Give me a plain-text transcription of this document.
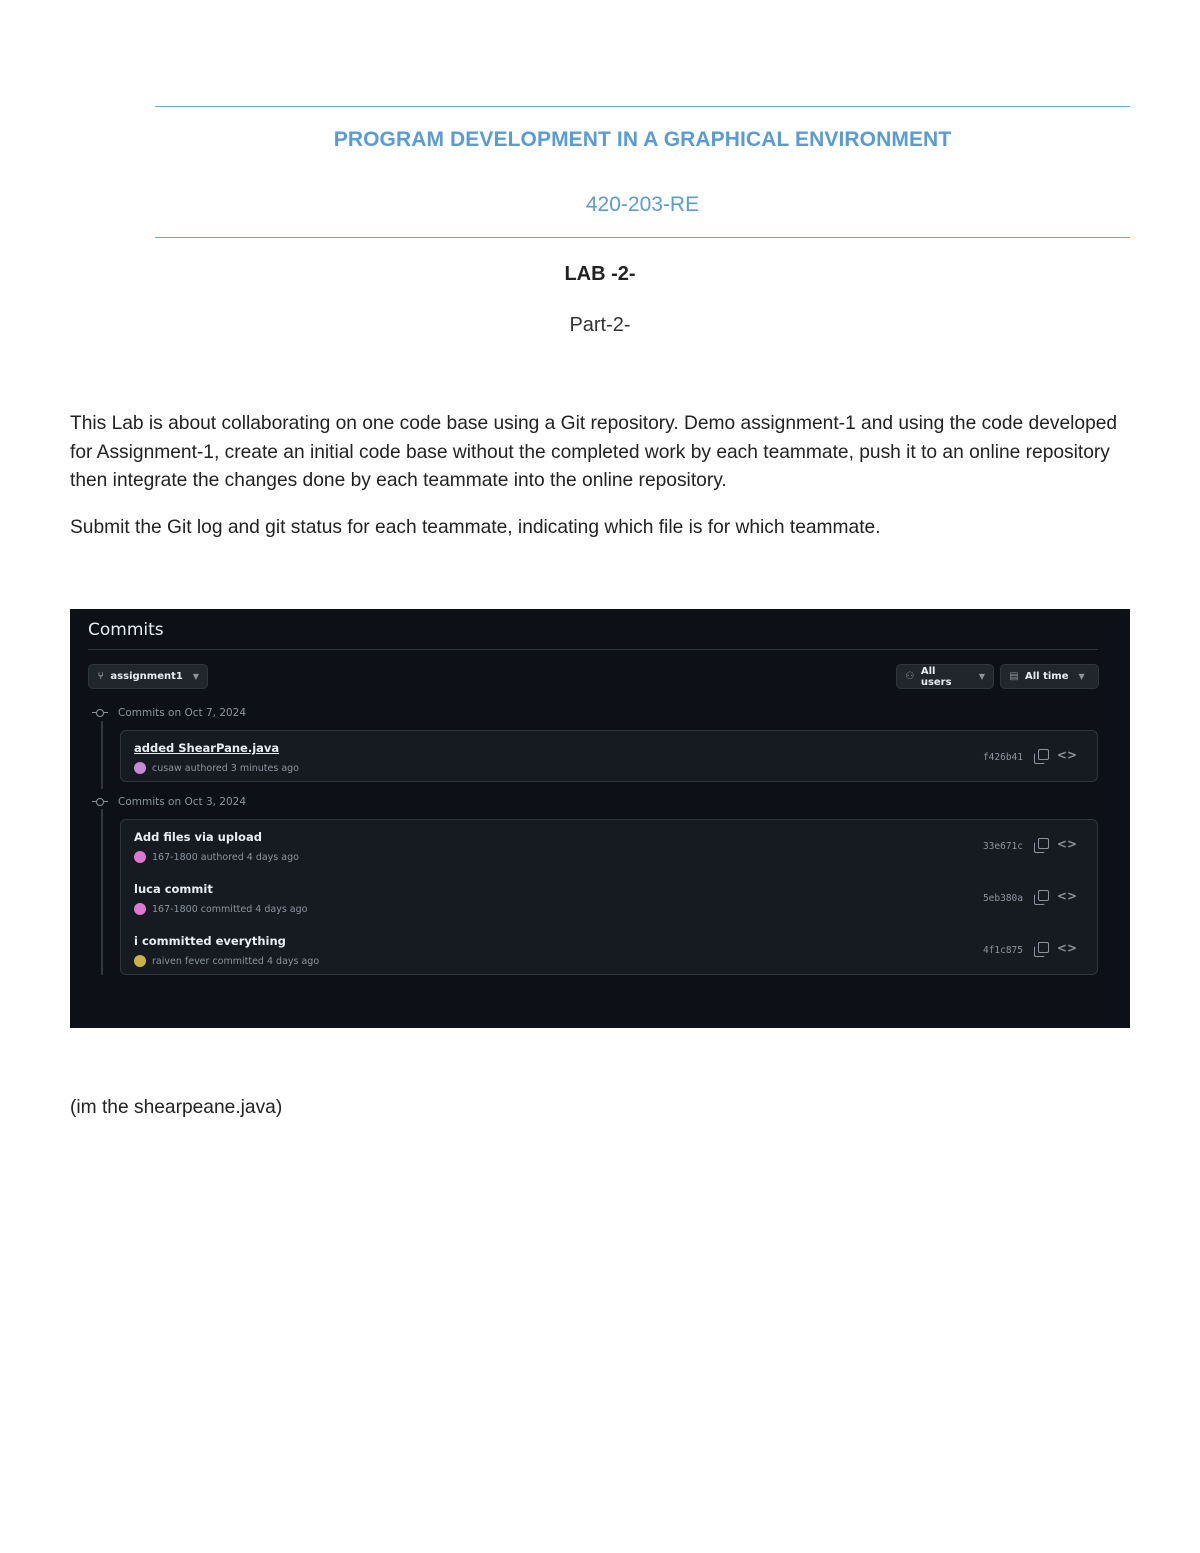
PROGRAM DEVELOPMENT IN A GRAPHICAL ENVIRONMENT
420-203-RE
LAB -2-
Part-2-

This Lab is about collaborating on one code base using a Git repository. Demo assignment-1 and using the code developed for Assignment-1, create an initial code base without the completed work by each teammate, push it to an online repository then integrate the changes done by each teammate into the online repository.

Submit the Git log and git status for each teammate, indicating which file is for which teammate.

Commits
⑂ assignment1 ▼	⚇ All users	▼ ▤ All time ▼
Commits on Oct 7, 2024
added ShearPane.java
cusaw authored 3 minutes ago
f426b41	<>
Commits on Oct 3, 2024
Add files via upload
167-1800 authored 4 days ago
33e671c	<>
luca commit
167-1800 committed 4 days ago
5eb380a	<>
i committed everything
raiven fever committed 4 days ago
4f1c875	<>
(im the shearpeane.java)
